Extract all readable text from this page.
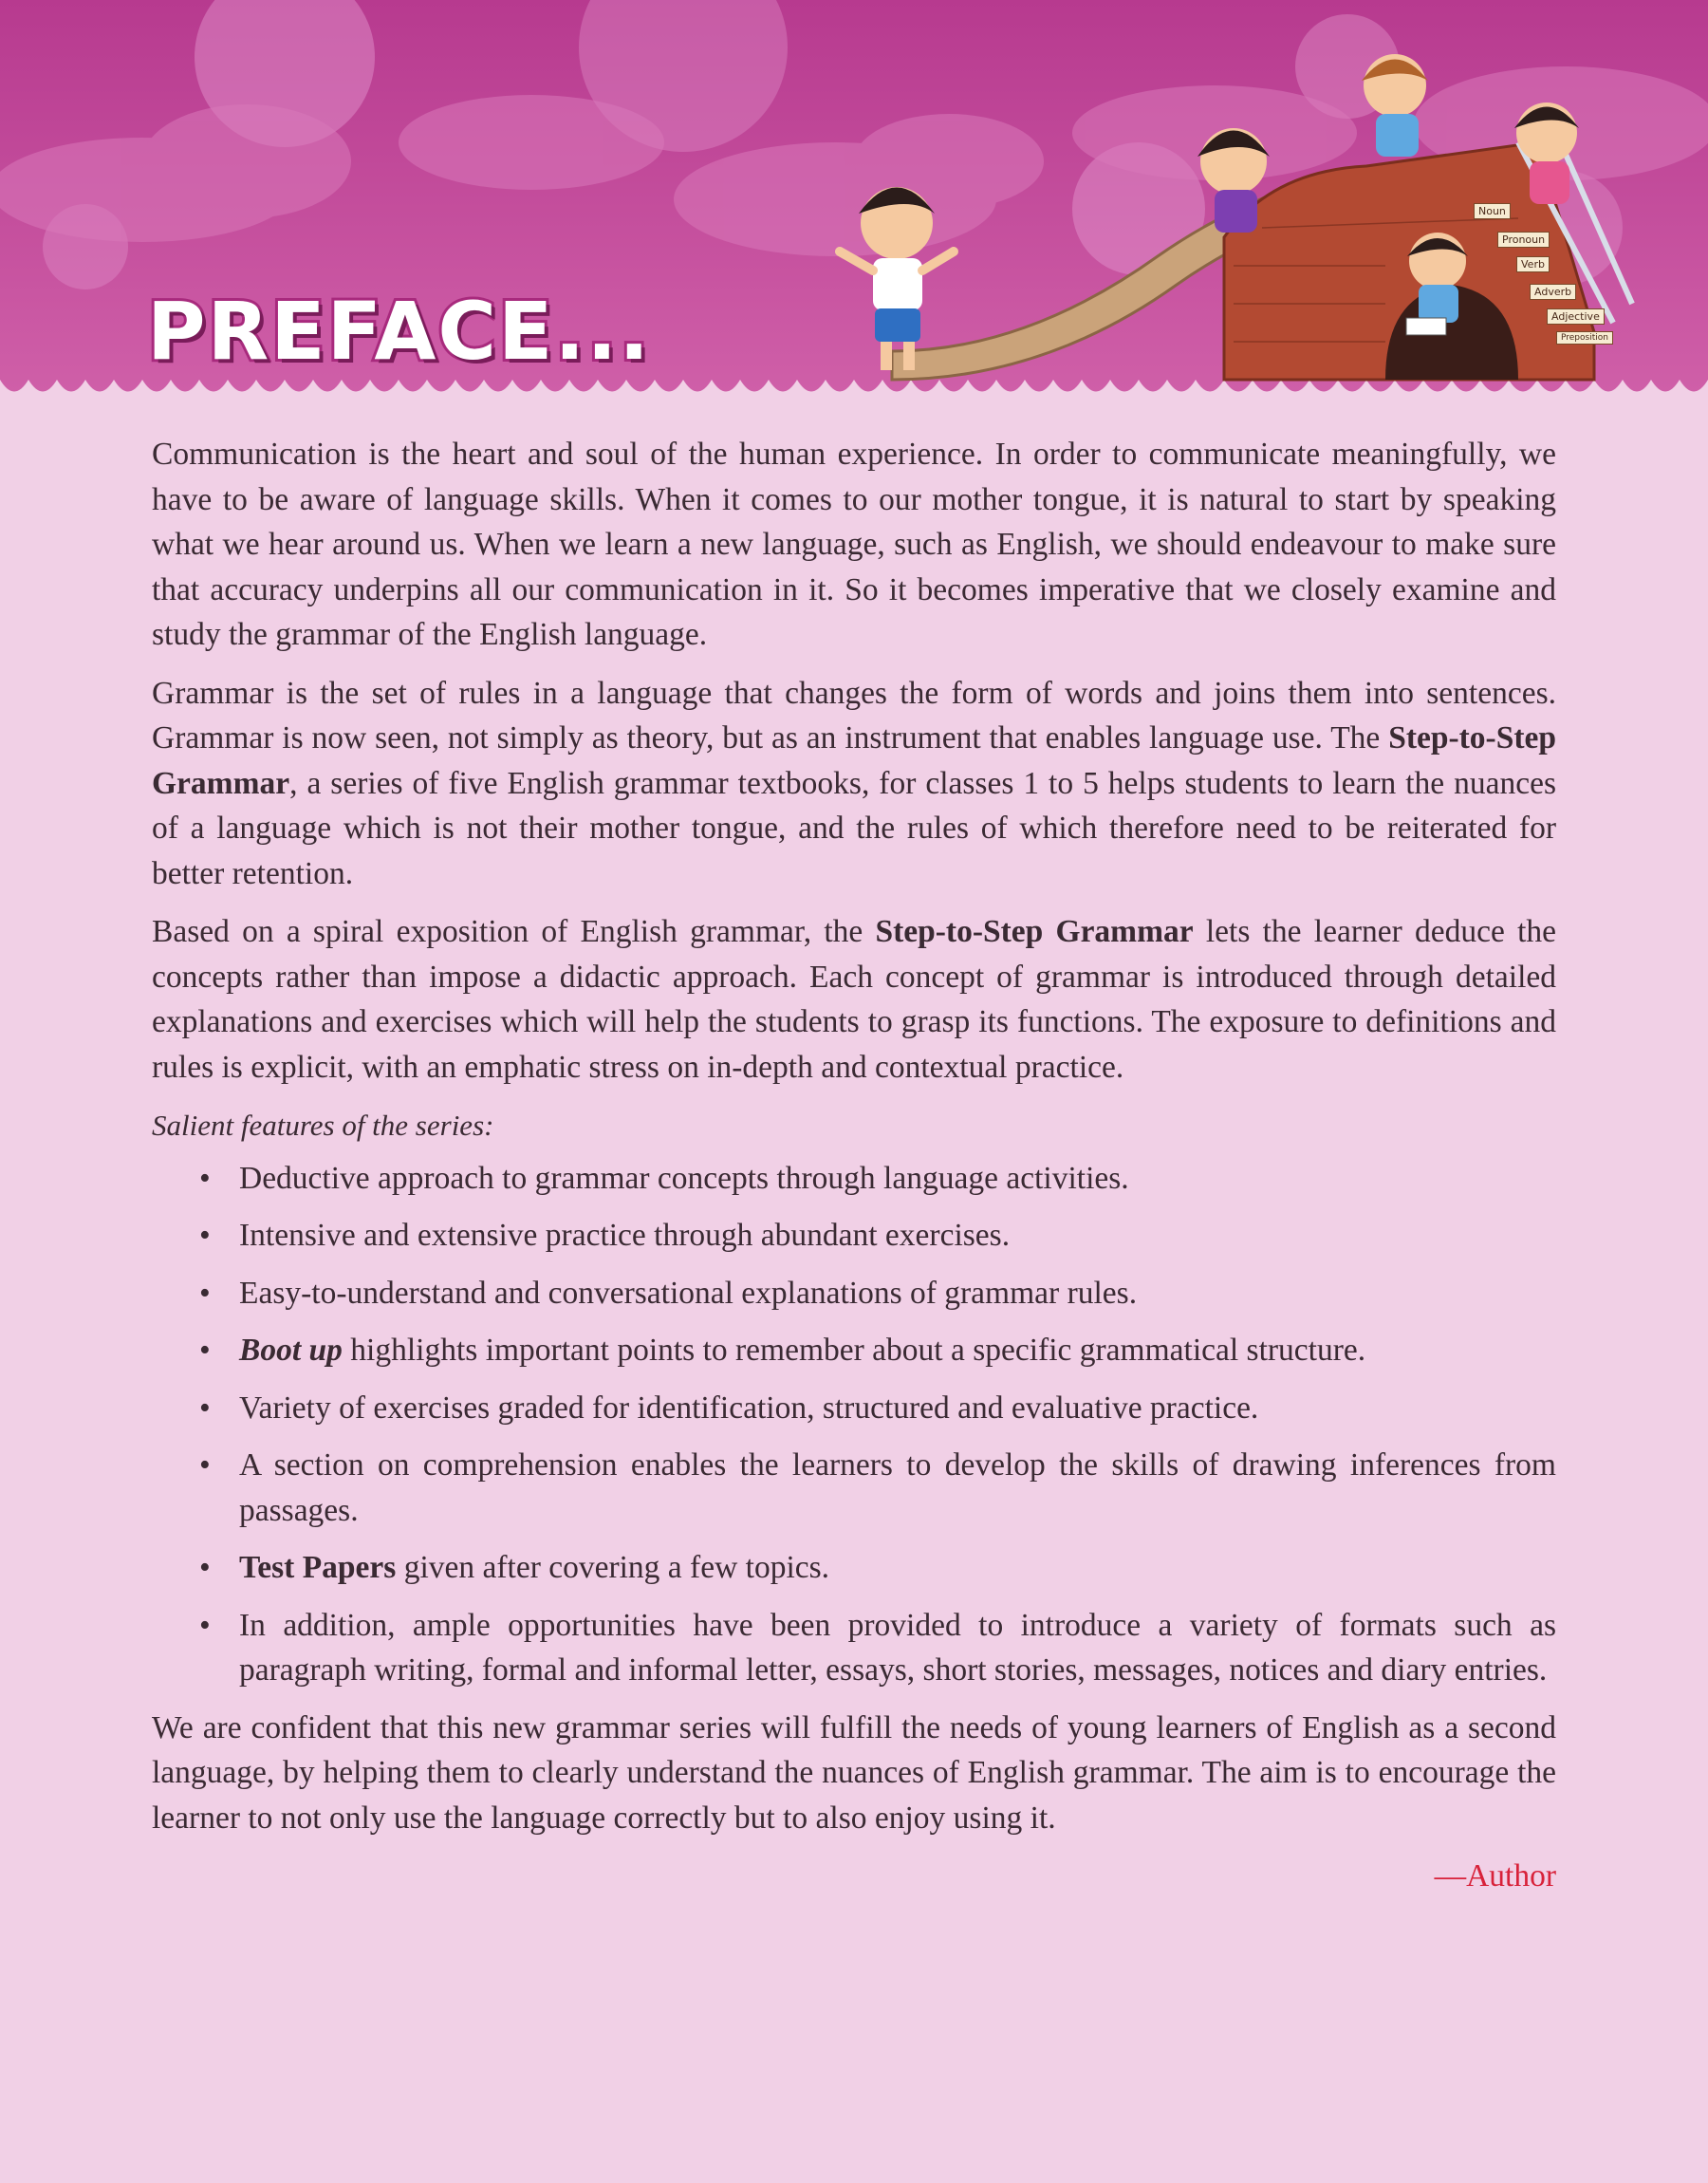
Noun
Pronoun
Verb
Adverb
Adjective
Preposition
PREFACE...

Communication is the heart and soul of the human experience. In order to communicate meaningfully, we have to be aware of language skills. When it comes to our mother tongue, it is natural to start by speaking what we hear around us. When we learn a new language, such as English, we should endeavour to make sure that accuracy underpins all our communication in it. So it becomes imperative that we closely examine and study the grammar of the English language.

Grammar is the set of rules in a language that changes the form of words and joins them into sentences. Grammar is now seen, not simply as theory, but as an instrument that enables language use. The Step-to-Step Grammar, a series of five English grammar textbooks, for classes 1 to 5 helps students to learn the nuances of a language which is not their mother tongue, and the rules of which therefore need to be reiterated for better retention.

Based on a spiral exposition of English grammar, the Step-to-Step Grammar lets the learner deduce the concepts rather than impose a didactic approach. Each concept of grammar is introduced through detailed explanations and exercises which will help the students to grasp its functions. The exposure to definitions and rules is explicit, with an emphatic stress on in-depth and contextual practice.

Salient features of the series:
• Deductive approach to grammar concepts through language activities.
• Intensive and extensive practice through abundant exercises.
• Easy-to-understand and conversational explanations of grammar rules.
• Boot up highlights important points to remember about a specific grammatical structure.
• Variety of exercises graded for identification, structured and evaluative practice.
• A section on comprehension enables the learners to develop the skills of drawing inferences from passages.
• Test Papers given after covering a few topics.
• In addition, ample opportunities have been provided to introduce a variety of formats such as paragraph writing, formal and informal letter, essays, short stories, messages, notices and diary entries.

We are confident that this new grammar series will fulfill the needs of young learners of English as a second language, by helping them to clearly understand the nuances of English grammar. The aim is to encourage the learner to not only use the language correctly but to also enjoy using it.

—Author
